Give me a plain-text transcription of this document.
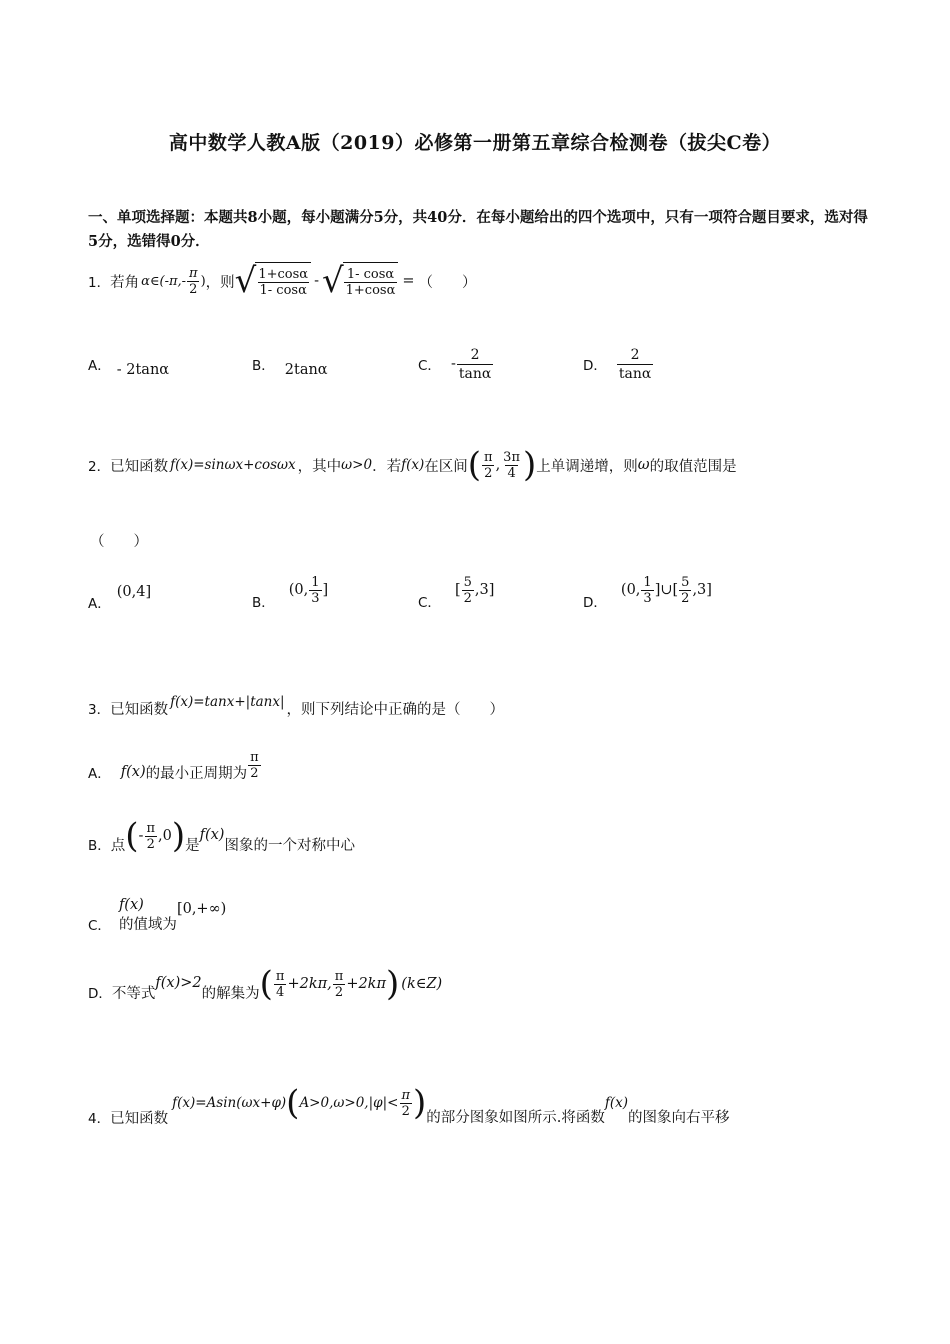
高中数学人教A版（2019）必修第一册第五章综合检测卷（拔尖C卷）
一、单项选择题：本题共8小题，每小题满分5分，共40分．在每小题给出的四个选项中，只有一项符合题目要求，选对得5分，选错得0分．
1． 若角 α∈(-π,- $\frac{\pi}{2}$ ) ，则 √ $\frac{1+\cos\alpha}{1- \cos\alpha}$ - √ $\frac{1- \cos\alpha}{1+\cos\alpha}$ = （　　）
A． - 2tanα	B． 2tanα	C． - $\frac{2}{\tan\alpha}$	D． $\frac{2}{\tan\alpha}$
2． 已知函数 f(x)=sinωx+cosωx ，其中 ω>0 ．若 f(x) 在区间 ( $\frac{\pi}{2}$ , $\frac{3\pi}{4}$ ) 上单调递增，则 ω 的取值范围是
（　　）
A．
(0,4]
B．
(0, $\frac{1}{3}$ ]
C．
[ $\frac{5}{2} ,3$]
D．
(0, $\frac{1}{3}$ ]∪[ $\frac{5}{2} ,3$]
3． 已知函数 f(x)=tanx+|tanx| ，则下列结论中正确的是（　　）
A． f(x) 的最小正周期为 $\frac{\pi}{2}$
B． 点 ( - $\frac{\pi}{2} ,0$ ) 是
f(x)
图象的一个对称中心
C．
f(x)
的值域为
[0,+∞)
D． 不等式
f(x)>2
的解集为 ( $\frac{\pi}{4} +2k\pi$, $\frac{\pi}{2} +2k\pi$ ) (k∈Z)
4． 已知函数
f(x)=Asin(ωx+φ) ( $A>0,\omega>0,|\varphi|< \frac{\pi}{2}$ ) 的部分图象如图所示.将函数
f(x)
的图象向右平移
